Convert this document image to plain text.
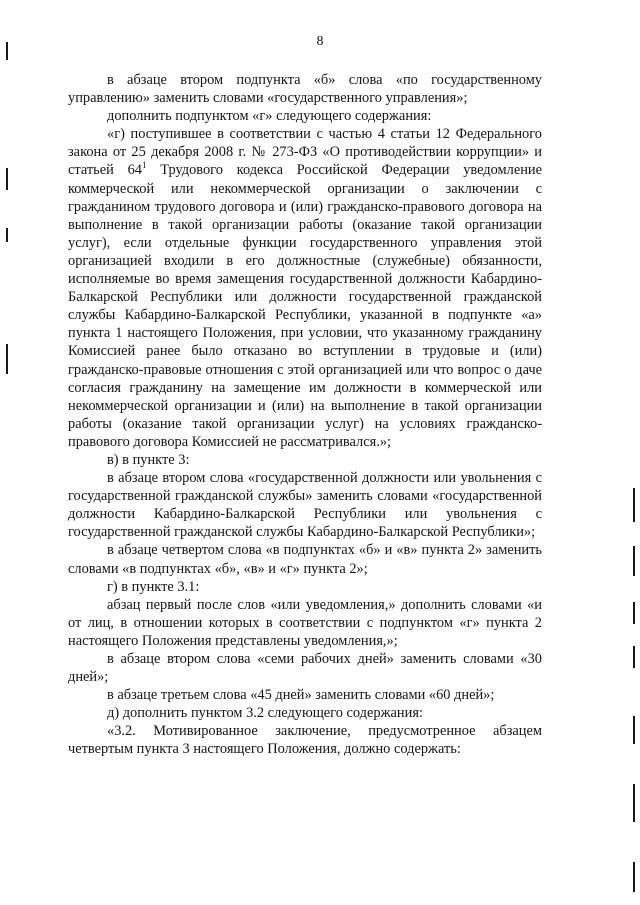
8

в абзаце втором подпункта «б» слова «по государственному управлению» заменить словами «государственного управления»;

дополнить подпунктом «г» следующего содержания:

«г) поступившее в соответствии с частью 4 статьи 12 Федерального закона от 25 декабря 2008 г. № 273-ФЗ «О противодействии коррупции» и статьей $64^1$ Трудового кодекса Российской Федерации уведомление коммерческой или некоммерческой организации о заключении с гражданином трудового договора и (или) гражданско-правового договора на выполнение в такой организации работы (оказание такой организации услуг), если отдельные функции государственного управления этой организацией входили в его должностные (служебные) обязанности, исполняемые во время замещения государственной должности Кабардино-Балкарской Республики или должности государственной гражданской службы Кабардино-Балкарской Республики, указанной в подпункте «а» пункта 1 настоящего Положения, при условии, что указанному гражданину Комиссией ранее было отказано во вступлении в трудовые и (или) гражданско-правовые отношения с этой организацией или что вопрос о даче согласия гражданину на замещение им должности в коммерческой или некоммерческой организации и (или) на выполнение в такой организации работы (оказание такой организации услуг) на условиях гражданско-правового договора Комиссией не рассматривался.»;

в) в пункте 3:

в абзаце втором слова «государственной должности или увольнения с государственной гражданской службы» заменить словами «государственной должности Кабардино-Балкарской Республики или увольнения с государственной гражданской службы Кабардино-Балкарской Республики»;

в абзаце четвертом слова «в подпунктах «б» и «в» пункта 2» заменить словами «в подпунктах «б», «в» и «г» пункта 2»;

г) в пункте 3.1:

абзац первый после слов «или уведомления,» дополнить словами «и от лиц, в отношении которых в соответствии с подпунктом «г» пункта 2 настоящего Положения представлены уведомления,»;

в абзаце втором слова «семи рабочих дней» заменить словами «30 дней»;

в абзаце третьем слова «45 дней» заменить словами «60 дней»;

д) дополнить пунктом 3.2 следующего содержания:

«3.2. Мотивированное заключение, предусмотренное абзацем четвертым пункта 3 настоящего Положения, должно содержать:
